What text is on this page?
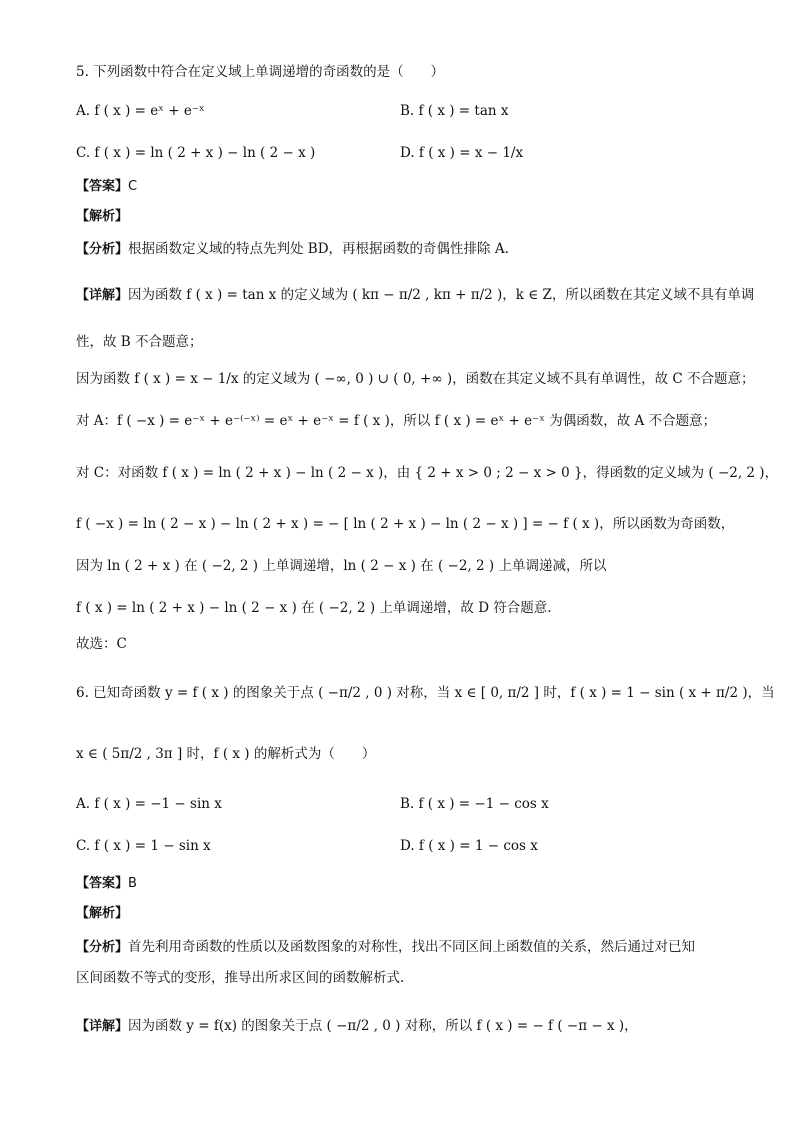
5. 下列函数中符合在定义域上单调递增的奇函数的是（　　）
A. f ( x ) = eˣ + e⁻ˣ	B. f ( x ) = tan x
C. f ( x ) = ln ( 2 + x ) − ln ( 2 − x )	D. f ( x ) = x − 1/x
【答案】C
【解析】
【分析】根据函数定义域的特点先判处 BD，再根据函数的奇偶性排除 A.
【详解】因为函数 f ( x ) = tan x 的定义域为 ( kπ − π/2 , kπ + π/2 )，k ∈ Z，所以函数在其定义域不具有单调
性，故 B 不合题意；
因为函数 f ( x ) = x − 1/x 的定义域为 ( −∞, 0 ) ∪ ( 0, +∞ )，函数在其定义域不具有单调性，故 C 不合题意；
对 A：f ( −x ) = e⁻ˣ + e⁻⁽⁻ˣ⁾ = eˣ + e⁻ˣ = f ( x )，所以 f ( x ) = eˣ + e⁻ˣ 为偶函数，故 A 不合题意；
对 C：对函数 f ( x ) = ln ( 2 + x ) − ln ( 2 − x )，由 { 2 + x > 0 ; 2 − x > 0 }，得函数的定义域为 ( −2, 2 )，
f ( −x ) = ln ( 2 − x ) − ln ( 2 + x ) = − [ ln ( 2 + x ) − ln ( 2 − x ) ] = − f ( x )，所以函数为奇函数，
因为 ln ( 2 + x ) 在 ( −2, 2 ) 上单调递增，ln ( 2 − x ) 在 ( −2, 2 ) 上单调递减，所以
f ( x ) = ln ( 2 + x ) − ln ( 2 − x ) 在 ( −2, 2 ) 上单调递增，故 D 符合题意.
故选：C
6. 已知奇函数 y = f ( x ) 的图象关于点 ( −π/2 , 0 ) 对称，当 x ∈ [ 0, π/2 ] 时，f ( x ) = 1 − sin ( x + π/2 )，当
x ∈ ( 5π/2 , 3π ] 时，f ( x ) 的解析式为（　　）
A. f ( x ) = −1 − sin x	B. f ( x ) = −1 − cos x
C. f ( x ) = 1 − sin x	D. f ( x ) = 1 − cos x
【答案】B
【解析】
【分析】首先利用奇函数的性质以及函数图象的对称性，找出不同区间上函数值的关系，然后通过对已知
区间函数不等式的变形，推导出所求区间的函数解析式.
【详解】因为函数 y = f(x) 的图象关于点 ( −π/2 , 0 ) 对称，所以 f ( x ) = − f ( −π − x )，
